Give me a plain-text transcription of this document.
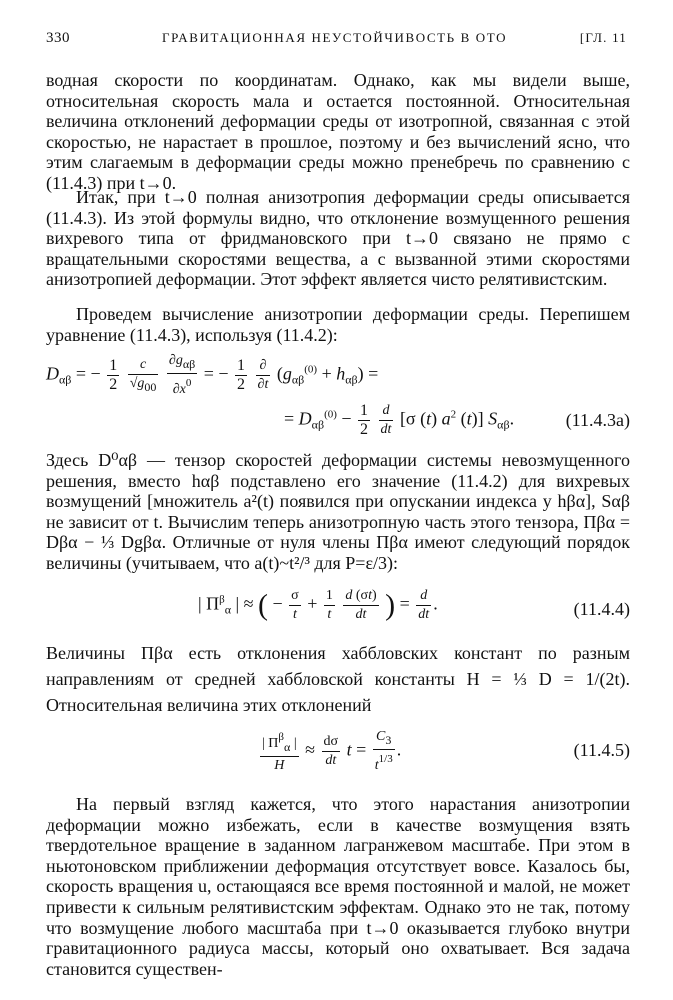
330	ГРАВИТАЦИОННАЯ НЕУСТОЙЧИВОСТЬ В ОТО	[ГЛ. 11

водная скорости по координатам. Однако, как мы видели выше, относительная скорость мала и остается постоянной. Относительная величина отклонений деформации среды от изотропной, связанная с этой скоростью, не нарастает в прошлое, поэтому и без вычислений ясно, что этим слагаемым в деформации среды можно пренебречь по сравнению с (11.4.3) при t→0.

Итак, при t→0 полная анизотропия деформации среды описывается (11.4.3). Из этой формулы видно, что отклонение возмущенного решения вихревого типа от фридмановского при t→0 связано не прямо с вращательными скоростями вещества, а с вызванной этими скоростями анизотропией деформации. Этот эффект является чисто релятивистским.

Проведем вычисление анизотропии деформации среды. Перепишем уравнение (11.4.3), используя (11.4.2):

$D_{\alpha\beta}$ = − $\frac{1}{2}$
$\frac{c}{√g00}$
$\frac{\text{∂gαβ}}{\partial x^0}$ = − $\frac{1}{2}$
$\frac{\partial}{\partial t} (g_{\alpha\beta}^{(0)} + h_{\alpha\beta})$ =
= $D_{\alpha\beta}^{(0)} - \frac{1}{2}$
$\frac{d}{dt} [\sigma$ (t) $a^2$ (t)] $S_{\alpha\beta}$.	(11.4.3а)

Здесь D⁰αβ — тензор скоростей деформации системы невозмущенного решения, вместо hαβ подставлено его значение (11.4.2) для вихревых возмущений [множитель a²(t) появился при опускании индекса у hβα], Sαβ не зависит от t. Вычислим теперь анизотропную часть этого тензора, Πβα = Dβα − ⅓ Dgβα. Отличные от нуля члены Πβα имеют следующий порядок величины (учитываем, что a(t)~t²/³ для P=ε/3):

| $\Pi^\beta_\alpha$ | ≈ ( − $\frac{\sigma}{t} + \frac{1}{t}$
$\frac{d (\sigma t)}{dt}$ ) = $\frac{d}{dt}$ .	(11.4.4)

Величины Πβα есть отклонения хаббловских констант по разным направлениям от средней хаббловской константы H = ⅓ D = 1/(2t). Относительная величина этих отклонений

$\frac{| \Pi^\beta\alpha |}{H} \approx \frac{d\sigma}{dt}$ $t = \frac{C3}{t^{1/3}}$ .	(11.4.5)

На первый взгляд кажется, что этого нарастания анизотропии деформации можно избежать, если в качестве возмущения взять твердотельное вращение в заданном лагранжевом масштабе. При этом в ньютоновском приближении деформация отсутствует вовсе. Казалось бы, скорость вращения u, остающаяся все время постоянной и малой, не может привести к сильным релятивистским эффектам. Однако это не так, потому что возмущение любого масштаба при t→0 оказывается глубоко внутри гравитационного радиуса массы, который оно охватывает. Вся задача становится существен-
